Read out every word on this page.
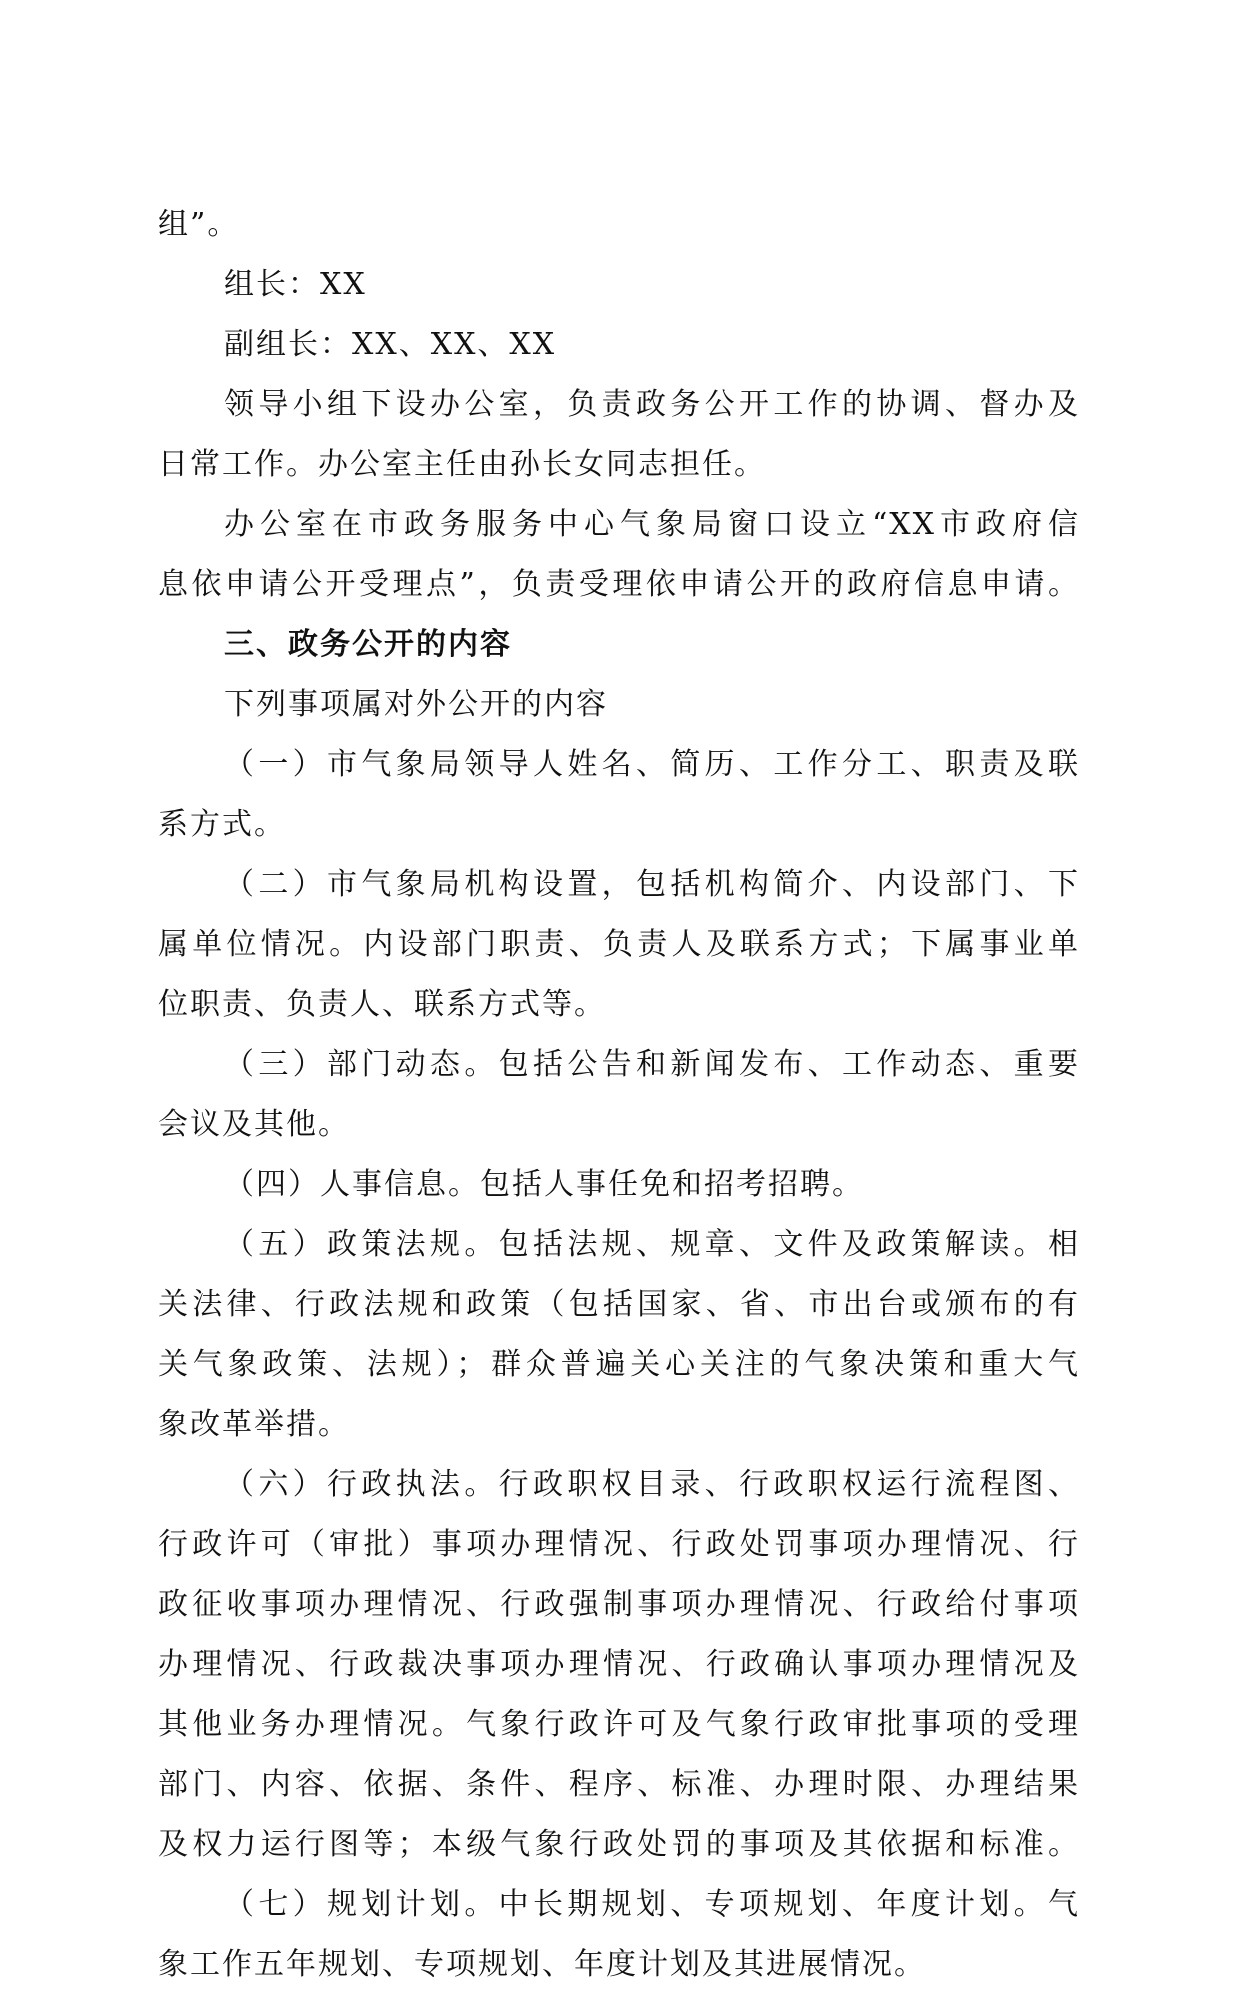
组”。
组长：XX
副组长：XX、XX、XX
领导小组下设办公室，负责政务公开工作的协调、督办及
日常工作。办公室主任由孙长女同志担任。
办公室在市政务服务中心气象局窗口设立“XX市政府信
息依申请公开受理点”，负责受理依申请公开的政府信息申请。
三、政务公开的内容
下列事项属对外公开的内容
（一）市气象局领导人姓名、简历、工作分工、职责及联
系方式。
（二）市气象局机构设置，包括机构简介、内设部门、下
属单位情况。内设部门职责、负责人及联系方式；下属事业单
位职责、负责人、联系方式等。
（三）部门动态。包括公告和新闻发布、工作动态、重要
会议及其他。
（四）人事信息。包括人事任免和招考招聘。
（五）政策法规。包括法规、规章、文件及政策解读。相
关法律、行政法规和政策（包括国家、省、市出台或颁布的有
关气象政策、法规）；群众普遍关心关注的气象决策和重大气
象改革举措。
（六）行政执法。行政职权目录、行政职权运行流程图、
行政许可（审批）事项办理情况、行政处罚事项办理情况、行
政征收事项办理情况、行政强制事项办理情况、行政给付事项
办理情况、行政裁决事项办理情况、行政确认事项办理情况及
其他业务办理情况。气象行政许可及气象行政审批事项的受理
部门、内容、依据、条件、程序、标准、办理时限、办理结果
及权力运行图等；本级气象行政处罚的事项及其依据和标准。
（七）规划计划。中长期规划、专项规划、年度计划。气
象工作五年规划、专项规划、年度计划及其进展情况。
